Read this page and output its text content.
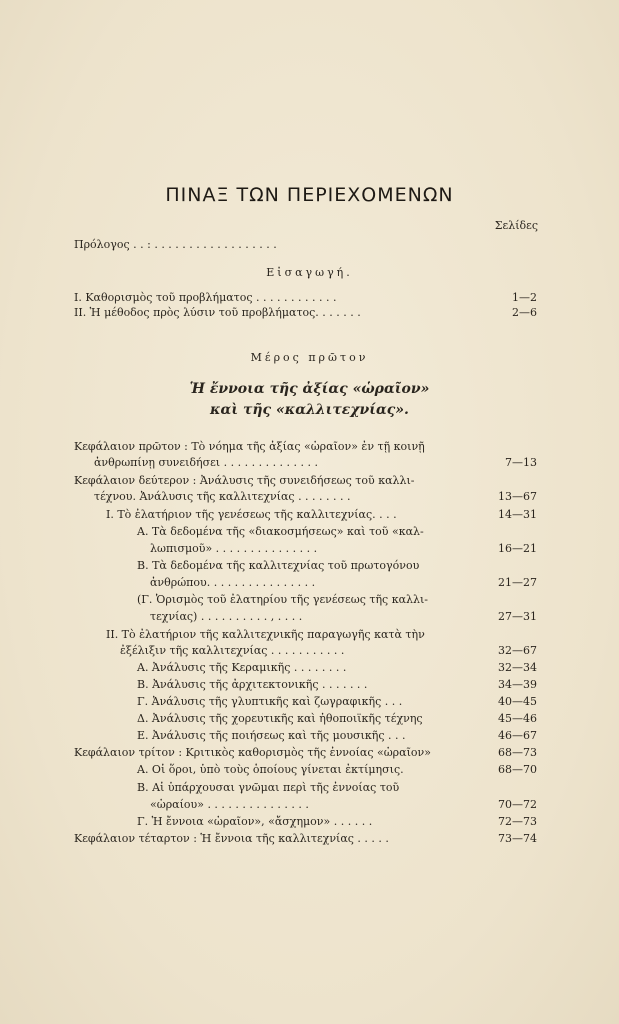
ΠΙΝΑΞ ΤΩΝ ΠΕΡΙΕΧΟΜΕΝΩΝ
Σελίδες
Πρόλογος . . : . . . . . . . . . . . . . . . . . .
Εἰσαγωγή.
I. Καθορισμὸς τοῦ προβλήματος . . . . . . . . . . . .	1—2
II. Ἡ μέθοδος πρὸς λύσιν τοῦ προβλήματος. . . . . . .	2—6
Μέρος πρῶτον
Ἡ ἔννοια τῆς ἀξίας «ὡραῖον»
καὶ τῆς «καλλιτεχνίας».
Κεφάλαιον πρῶτον : Τὸ νόημα τῆς ἀξίας «ὡραῖον» ἐν τῇ κοινῇ
ἀνθρωπίνῃ συνειδήσει . . . . . . . . . . . . . .	7—13
Κεφάλαιον δεύτερον : Ἀνάλυσις τῆς συνειδήσεως τοῦ καλλι-
τέχνου. Ἀνάλυσις τῆς καλλιτεχνίας . . . . . . . .	13—67
I. Τὸ ἐλατήριον τῆς γενέσεως τῆς καλλιτεχνίας. . . .	14—31
Α. Τὰ δεδομένα τῆς «διακοσμήσεως» καὶ τοῦ «καλ-
λωπισμοῦ» . . . . . . . . . . . . . . .	16—21
Β. Τὰ δεδομένα τῆς καλλιτεχνίας τοῦ πρωτογόνου
ἀνθρώπου. . . . . . . . . . . . . . . .	21—27
(Γ. Ὁρισμὸς τοῦ ἐλατηρίου τῆς γενέσεως τῆς καλλι-
τεχνίας) . . . . . . . . . . , . . . .	27—31
II. Τὸ ἐλατήριον τῆς καλλιτεχνικῆς παραγωγῆς κατὰ τὴν
ἐξέλιξιν τῆς καλλιτεχνίας . . . . . . . . . . .	32—67
Α. Ἀνάλυσις τῆς Κεραμικῆς . . . . . . . .	32—34
Β. Ἀνάλυσις τῆς ἀρχιτεκτονικῆς . . . . . . .	34—39
Γ. Ἀνάλυσις τῆς γλυπτικῆς καὶ ζωγραφικῆς . . .	40—45
Δ. Ἀνάλυσις τῆς χορευτικῆς καὶ ἠθοποιϊκῆς τέχνης	45—46
Ε. Ἀνάλυσις τῆς ποιήσεως καὶ τῆς μουσικῆς . . .	46—67
Κεφάλαιον τρίτον : Κριτικὸς καθορισμὸς τῆς ἐννοίας «ὡραῖον»	68—73
Α. Οἱ ὅροι, ὑπὸ τοὺς ὁποίους γίνεται ἐκτίμησις.	68—70
Β. Αἱ ὑπάρχουσαι γνῶμαι περὶ τῆς ἐννοίας τοῦ
«ὡραίου» . . . . . . . . . . . . . . .	70—72
Γ. Ἡ ἔννοια «ὡραῖον», «ἄσχημον» . . . . . .	72—73
Κεφάλαιον τέταρτον : Ἡ ἔννοια τῆς καλλιτεχνίας . . . . .	73—74
